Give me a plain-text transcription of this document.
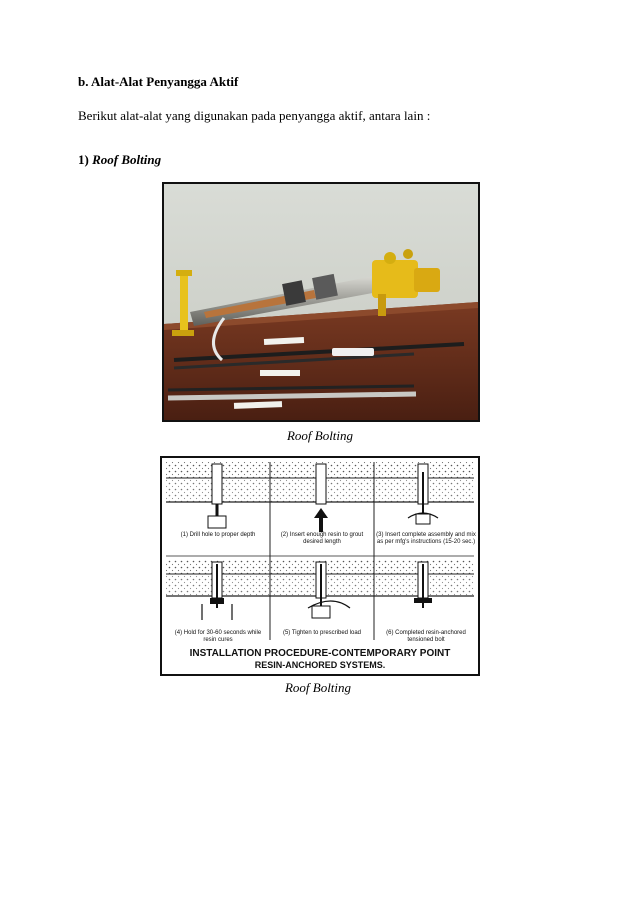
b. Alat-Alat Penyangga Aktif
Berikut alat-alat yang digunakan pada penyangga aktif, antara lain :
1) Roof Bolting
Roof Bolting
(1) Drill hole to proper depth	(2) Insert enough resin to grout desired length
(3) Insert complete assembly and mix as per mfg's instructions (15-20 sec.)
(4) Hold for 30-60 seconds while resin cures
(5) Tighten to prescribed load	(6) Completed resin-anchored tensioned bolt
INSTALLATION PROCEDURE-CONTEMPORARY POINT
RESIN-ANCHORED SYSTEMS.
Roof Bolting
